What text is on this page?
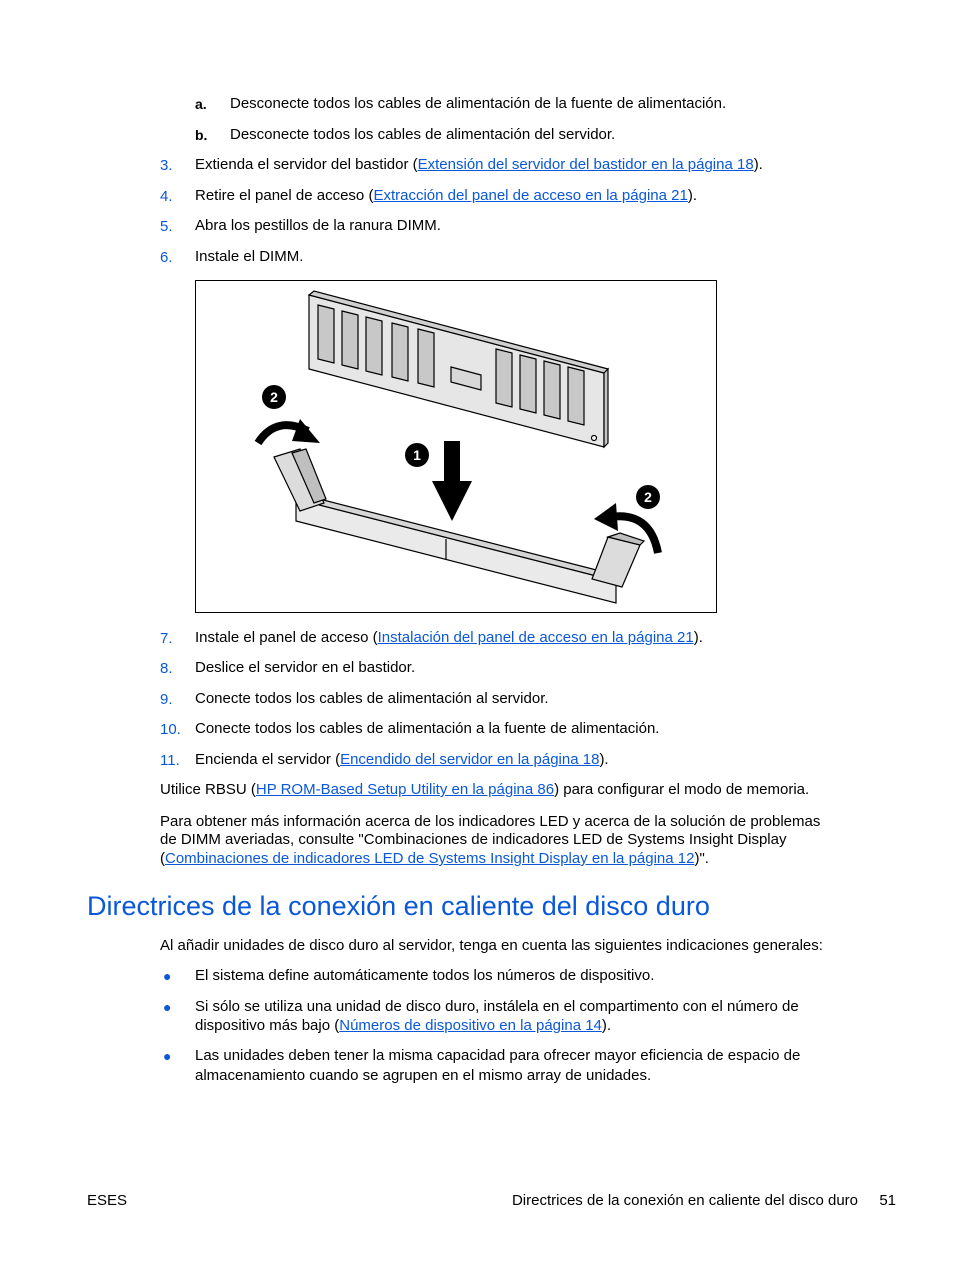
a. Desconecte todos los cables de alimentación de la fuente de alimentación.
b. Desconecte todos los cables de alimentación del servidor.
3. Extienda el servidor del bastidor (Extensión del servidor del bastidor en la página 18).
4. Retire el panel de acceso (Extracción del panel de acceso en la página 21).
5. Abra los pestillos de la ranura DIMM.
6. Instale el DIMM.
1
2
2
7. Instale el panel de acceso (Instalación del panel de acceso en la página 21).
8. Deslice el servidor en el bastidor.
9. Conecte todos los cables de alimentación al servidor.
10. Conecte todos los cables de alimentación a la fuente de alimentación.
11. Encienda el servidor (Encendido del servidor en la página 18).
Utilice RBSU (HP ROM-Based Setup Utility en la página 86) para configurar el modo de memoria.
Para obtener más información acerca de los indicadores LED y acerca de la solución de problemas
de DIMM averiadas, consulte "Combinaciones de indicadores LED de Systems Insight Display
(Combinaciones de indicadores LED de Systems Insight Display en la página 12)".
Directrices de la conexión en caliente del disco duro
Al añadir unidades de disco duro al servidor, tenga en cuenta las siguientes indicaciones generales:
● El sistema define automáticamente todos los números de dispositivo.
● Si sólo se utiliza una unidad de disco duro, instálela en el compartimento con el número de
dispositivo más bajo (Números de dispositivo en la página 14).
● Las unidades deben tener la misma capacidad para ofrecer mayor eficiencia de espacio de
almacenamiento cuando se agrupen en el mismo array de unidades.
ESES	Directrices de la conexión en caliente del disco duro 51
